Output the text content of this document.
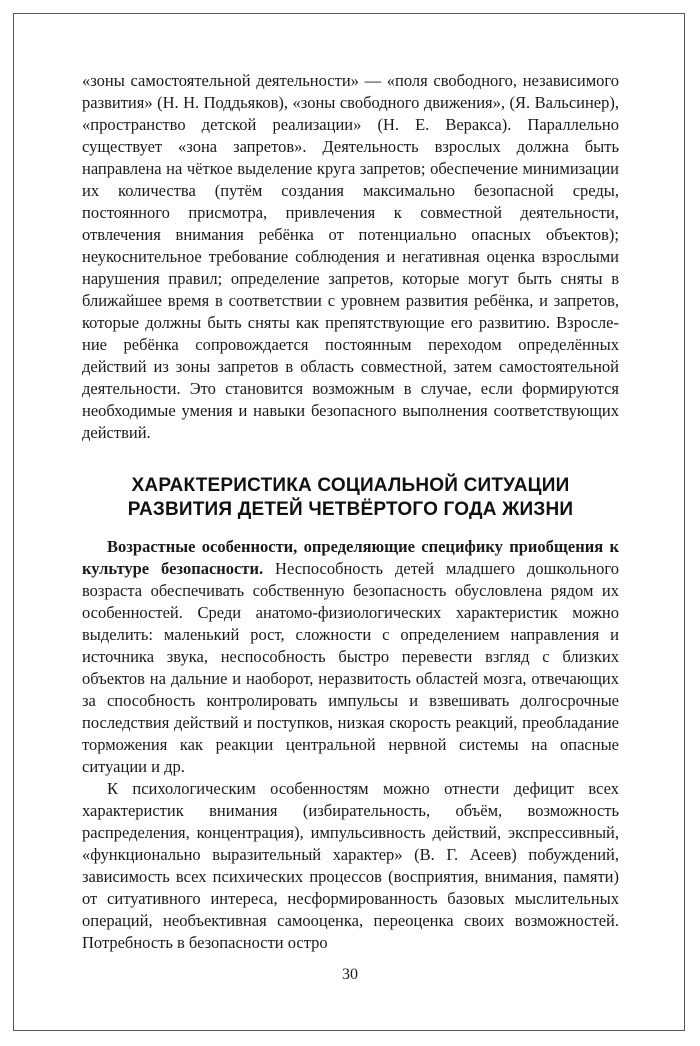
«зоны самостоятельной деятельности» — «поля свободного, независимого развития» (Н. Н. Поддьяков), «зоны свободного движения», (Я. Вальсинер), «пространство детской реализации» (Н. Е. Веракса). Параллельно существует «зона запретов». Деятельность взрослых должна быть направлена на чёткое выделение круга запретов; обеспечение минимизации их количества (путём создания максимально безопасной среды, постоянного присмотра, привлечения к совместной деятельности, отвлечения внимания ребёнка от потенциально опасных объектов); неукоснительное требование соблюдения и негативная оценка взрослыми нарушения правил; определение запретов, которые могут быть сняты в ближайшее время в соответствии с уровнем развития ребёнка, и запретов, которые должны быть сняты как препятствующие его развитию. Взросление ребёнка сопровождается постоянным переходом определённых действий из зоны запретов в область совместной, затем самостоятельной деятельности. Это становится возможным в случае, если формируются необходимые умения и навыки безопасного выполнения соответствующих действий.

ХАРАКТЕРИСТИКА СОЦИАЛЬНОЙ СИТУАЦИИ
РАЗВИТИЯ ДЕТЕЙ ЧЕТВЁРТОГО ГОДА ЖИЗНИ

Возрастные особенности, определяющие специфику приобщения к культуре безопасности. Неспособность детей младшего дошкольного возраста обеспечивать собственную безопасность обусловлена рядом их особенностей. Среди анатомо-физиологических характеристик можно выделить: маленький рост, сложности с определением направления и источника звука, неспособность быстро перевести взгляд с близких объектов на дальние и наоборот, неразвитость областей мозга, отвечающих за способность контролировать импульсы и взвешивать долгосрочные последствия действий и поступков, низкая скорость реакций, преобладание торможения как реакции центральной нервной системы на опасные ситуации и др.

К психологическим особенностям можно отнести дефицит всех характеристик внимания (избирательность, объём, возможность распределения, концентрация), импульсивность действий, экспрессивный, «функционально выразительный характер» (В. Г. Асеев) побуждений, зависимость всех психических процессов (восприятия, внимания, памяти) от ситуативного интереса, несформированность базовых мыслительных операций, необъективная самооценка, переоценка своих возможностей. Потребность в безопасности остро

30
